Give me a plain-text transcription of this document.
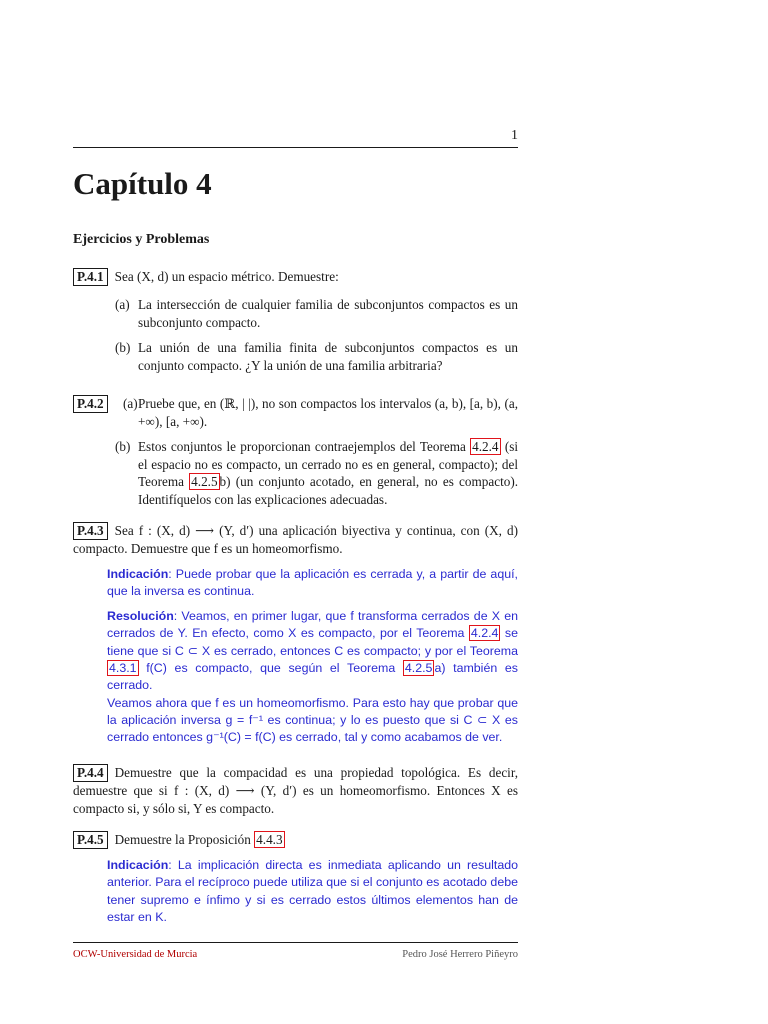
1
Capítulo 4
Ejercicios y Problemas
P.4.1 Sea (X, d) un espacio métrico. Demuestre:
(a) La intersección de cualquier familia de subconjuntos compactos es un subconjunto compacto.
(b) La unión de una familia finita de subconjuntos compactos es un conjunto compacto. ¿Y la unión de una familia arbitraria?
P.4.2	(a) Pruebe que, en (ℝ, | |), no son compactos los intervalos (a, b), [a, b), (a, +∞), [a, +∞).
(b) Estos conjuntos le proporcionan contraejemplos del Teorema 4.2.4 (si el espacio no es compacto, un cerrado no es en general, compacto); del Teorema 4.2.5 b) (un conjunto acotado, en general, no es compacto). Identifíquelos con las explicaciones adecuadas.
P.4.3 Sea f : (X, d) ⟶ (Y, d′) una aplicación biyectiva y continua, con (X, d) compacto. Demuestre que f es un homeomorfismo.
Indicación: Puede probar que la aplicación es cerrada y, a partir de aquí, que la inversa es continua.
Resolución: Veamos, en primer lugar, que f transforma cerrados de X en cerrados de Y. En efecto, como X es compacto, por el Teorema 4.2.4 se tiene que si C ⊂ X es cerrado, entonces C es compacto; y por el Teorema 4.3.1 f(C) es compacto, que según el Teorema 4.2.5 a) también es cerrado.
Veamos ahora que f es un homeomorfismo. Para esto hay que probar que la aplicación inversa g = f⁻¹ es continua; y lo es puesto que si C ⊂ X es cerrado entonces g⁻¹(C) = f(C) es cerrado, tal y como acabamos de ver.
P.4.4 Demuestre que la compacidad es una propiedad topológica. Es decir, demuestre que si f : (X, d) ⟶ (Y, d′) es un homeomorfismo. Entonces X es compacto si, y sólo si, Y es compacto.
P.4.5 Demuestre la Proposición 4.4.3
Indicación: La implicación directa es inmediata aplicando un resultado anterior. Para el recíproco puede utiliza que si el conjunto es acotado debe tener supremo e ínfimo y si es cerrado estos últimos elementos han de estar en K.
OCW-Universidad de Murcia	Pedro José Herrero Piñeyro
